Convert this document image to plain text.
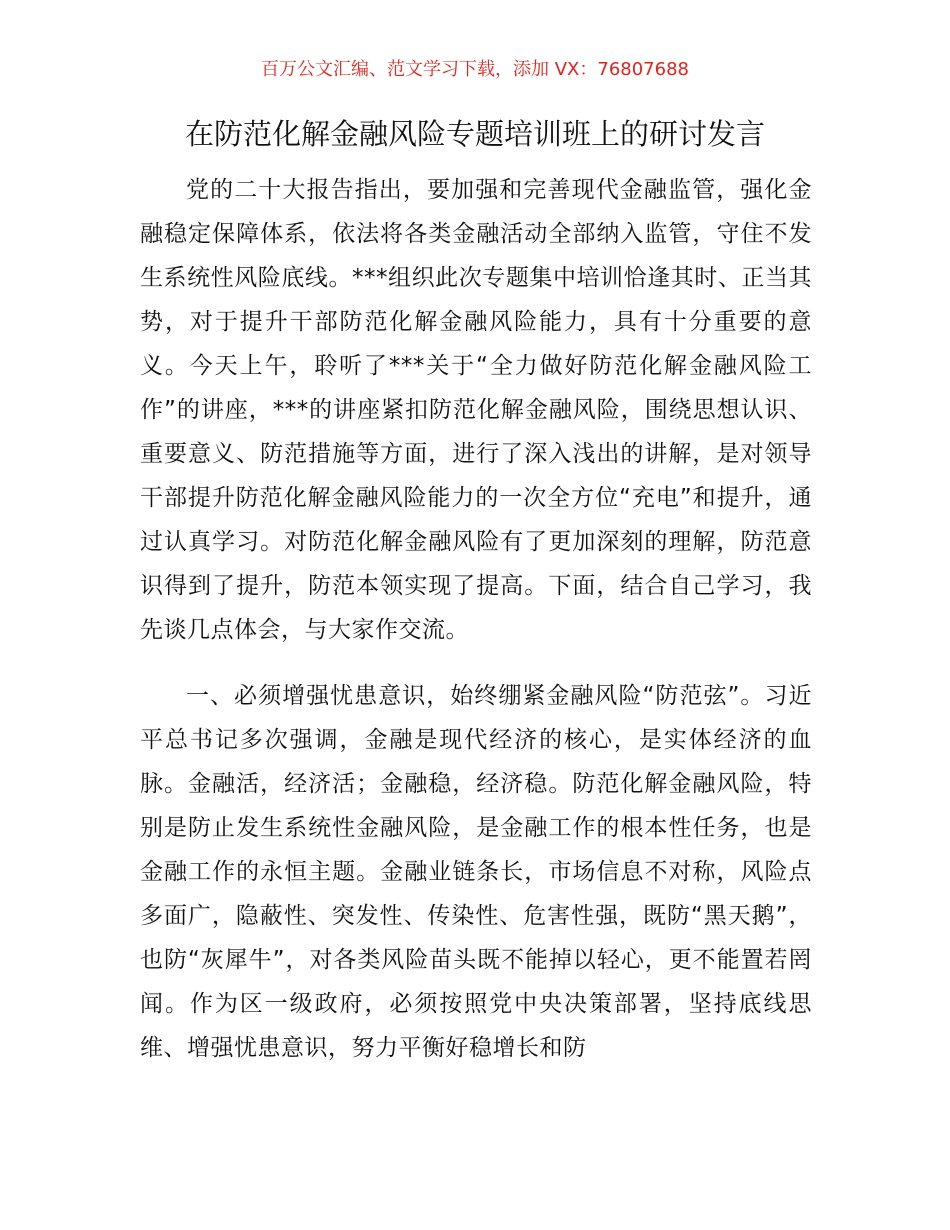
百万公文汇编、范文学习下载，添加 VX：76807688
在防范化解金融风险专题培训班上的研讨发言

党的二十大报告指出，要加强和完善现代金融监管，强化金融稳定保障体系，依法将各类金融活动全部纳入监管，守住不发生系统性风险底线。***组织此次专题集中培训恰逢其时、正当其势，对于提升干部防范化解金融风险能力，具有十分重要的意义。今天上午，聆听了***关于“全力做好防范化解金融风险工作”的讲座，***的讲座紧扣防范化解金融风险，围绕思想认识、重要意义、防范措施等方面，进行了深入浅出的讲解，是对领导干部提升防范化解金融风险能力的一次全方位“充电”和提升，通过认真学习。对防范化解金融风险有了更加深刻的理解，防范意识得到了提升，防范本领实现了提高。下面，结合自己学习，我先谈几点体会，与大家作交流。

一、必须增强忧患意识，始终绷紧金融风险“防范弦”。习近平总书记多次强调，金融是现代经济的核心，是实体经济的血脉。金融活，经济活；金融稳，经济稳。防范化解金融风险，特别是防止发生系统性金融风险，是金融工作的根本性任务，也是金融工作的永恒主题。金融业链条长，市场信息不对称，风险点多面广，隐蔽性、突发性、传染性、危害性强，既防“黑天鹅”，也防“灰犀牛”，对各类风险苗头既不能掉以轻心，更不能置若罔闻。作为区一级政府，必须按照党中央决策部署，坚持底线思维、增强忧患意识，努力平衡好稳增长和防
